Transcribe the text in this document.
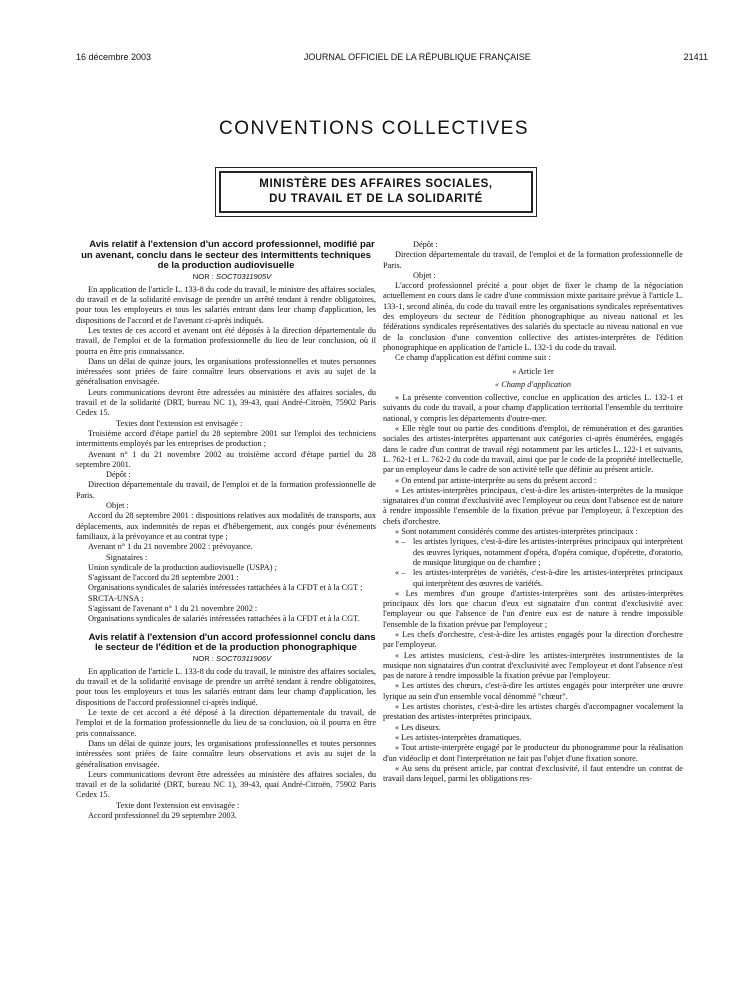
16 décembre 2003	JOURNAL OFFICIEL DE LA RÉPUBLIQUE FRANÇAISE	21411
CONVENTIONS COLLECTIVES
MINISTÈRE DES AFFAIRES SOCIALES,
DU TRAVAIL ET DE LA SOLIDARITÉ

Avis relatif à l'extension d'un accord professionnel, modifié par un avenant, conclu dans le secteur des intermittents techniques de la production audiovisuelle

NOR : SOCT0311905V

En application de l'article L. 133-8 du code du travail, le ministre des affaires sociales, du travail et de la solidarité envisage de prendre un arrêté tendant à rendre obligatoires, pour tous les employeurs et tous les salariés entrant dans leur champ d'application, les dispositions de l'accord et de l'avenant ci-après indiqués.

Les textes de ces accord et avenant ont été déposés à la direction départementale du travail, de l'emploi et de la formation professionnelle du lieu de leur conclusion, où il pourra en être pris connaissance.

Dans un délai de quinze jours, les organisations professionnelles et toutes personnes intéressées sont priées de faire connaître leurs observations et avis au sujet de la généralisation envisagée.

Leurs communications devront être adressées au ministère des affaires sociales, du travail et de la solidarité (DRT, bureau NC 1), 39-43, quai André-Citroën, 75902 Paris Cedex 15.

Textes dont l'extension est envisagée :

Troisième accord d'étape partiel du 28 septembre 2001 sur l'emploi des techniciens intermittents employés par les entreprises de production ;

Avenant n° 1 du 21 novembre 2002 au troisième accord d'étape partiel du 28 septembre 2001.

Dépôt :

Direction départementale du travail, de l'emploi et de la formation professionnelle de Paris.

Objet :

Accord du 28 septembre 2001 : dispositions relatives aux modalités de transports, aux déplacements, aux indemnités de repas et d'hébergement, aux congés pour événements familiaux, à la prévoyance et au contrat type ;

Avenant n° 1 du 21 novembre 2002 : prévoyance.

Signataires :

Union syndicale de la production audiovisuelle (USPA) ;

S'agissant de l'accord du 28 septembre 2001 :

Organisations syndicales de salariés intéressées rattachées à la CFDT et à la CGT ;

SRCTA-UNSA ;

S'agissant de l'avenant n° 1 du 21 novembre 2002 :

Organisations syndicales de salariés intéressées rattachées à la CFDT et à la CGT.

Avis relatif à l'extension d'un accord professionnel conclu dans le secteur de l'édition et de la production phonographique

NOR : SOCT0311906V

En application de l'article L. 133-8 du code du travail, le ministre des affaires sociales, du travail et de la solidarité envisage de prendre un arrêté tendant à rendre obligatoires, pour tous les employeurs et tous les salariés entrant dans leur champ d'application, les dispositions de l'accord professionnel ci-après indiqué.

Le texte de cet accord a été déposé à la direction départementale du travail, de l'emploi et de la formation professionnelle du lieu de sa conclusion, où il pourra en être pris connaissance.

Dans un délai de quinze jours, les organisations professionnelles et toutes personnes intéressées sont priées de faire connaître leurs observations et avis au sujet de la généralisation envisagée.

Leurs communications devront être adressées au ministère des affaires sociales, du travail et de la solidarité (DRT, bureau NC 1), 39-43, quai André-Citroën, 75902 Paris Cedex 15.

Texte dont l'extension est envisagée :

Accord professionnel du 29 septembre 2003.

Dépôt :

Direction départementale du travail, de l'emploi et de la formation professionnelle de Paris.

Objet :

L'accord professionnel précité a pour objet de fixer le champ de la négociation actuellement en cours dans le cadre d'une commission mixte paritaire prévue à l'article L. 133-1, second alinéa, du code du travail entre les organisations syndicales représentatives des employeurs du secteur de l'édition phonographique au niveau national et les fédérations syndicales représentatives des salariés du spectacle au niveau national en vue de la conclusion d'une convention collective des artistes-interprètes de l'édition phonographique en application de l'article L. 132-1 du code du travail.

Ce champ d'application est défini comme suit :

« Article 1er

« Champ d'application

« La présente convention collective, conclue en application des articles L. 132-1 et suivants du code du travail, a pour champ d'application territorial l'ensemble du territoire national, y compris les départements d'outre-mer.

« Elle règle tout ou partie des conditions d'emploi, de rémunération et des garanties sociales des artistes-interprètes appartenant aux catégories ci-après énumérées, engagés dans le cadre d'un contrat de travail régi notamment par les articles L. 122-1 et suivants, L. 762-1 et L. 762-2 du code du travail, ainsi que par le code de la propriété intellectuelle, par un employeur dans le cadre de son activité telle que définie au présent article.

« On entend par artiste-interprète au sens du présent accord :

« Les artistes-interprètes principaux, c'est-à-dire les artistes-interprètes de la musique signataires d'un contrat d'exclusivité avec l'employeur ou ceux dont l'absence est de nature à rendre impossible l'ensemble de la fixation prévue par l'employeur, à l'exception des chefs d'orchestre.

« Sont notamment considérés comme des artistes-interprètes principaux :

« – les artistes lyriques, c'est-à-dire les artistes-interprètes principaux qui interprètent des œuvres lyriques, notamment d'opéra, d'opéra comique, d'opérette, d'oratorio, de musique liturgique ou de chambre ;
« – les artistes-interprètes de variétés, c'est-à-dire les artistes-interprètes principaux qui interprètent des œuvres de variétés.

« Les membres d'un groupe d'artistes-interprètes sont des artistes-interprètes principaux dès lors que chacun d'eux est signataire d'un contrat d'exclusivité avec l'employeur ou que l'absence de l'un d'entre eux est de nature à rendre impossible l'ensemble de la fixation prévue par l'employeur ;

« Les chefs d'orchestre, c'est-à-dire les artistes engagés pour la direction d'orchestre par l'employeur.

« Les artistes musiciens, c'est-à-dire les artistes-interprètes instrumentistes de la musique non signataires d'un contrat d'exclusivité avec l'employeur et dont l'absence n'est pas de nature à rendre impossible la fixation prévue par l'employeur.

« Les artistes des chœurs, c'est-à-dire les artistes engagés pour interpréter une œuvre lyrique au sein d'un ensemble vocal dénommé "chœur".

« Les artistes choristes, c'est-à-dire les artistes chargés d'accompagner vocalement la prestation des artistes-interprètes principaux.

« Les diseurs.

« Les artistes-interprètes dramatiques.

« Tout artiste-interprète engagé par le producteur du phonogramme pour la réalisation d'un vidéoclip et dont l'interprétation ne fait pas l'objet d'une fixation sonore.

« Au sens du présent article, par contrat d'exclusivité, il faut entendre un contrat de travail dans lequel, parmi les obligations res-
